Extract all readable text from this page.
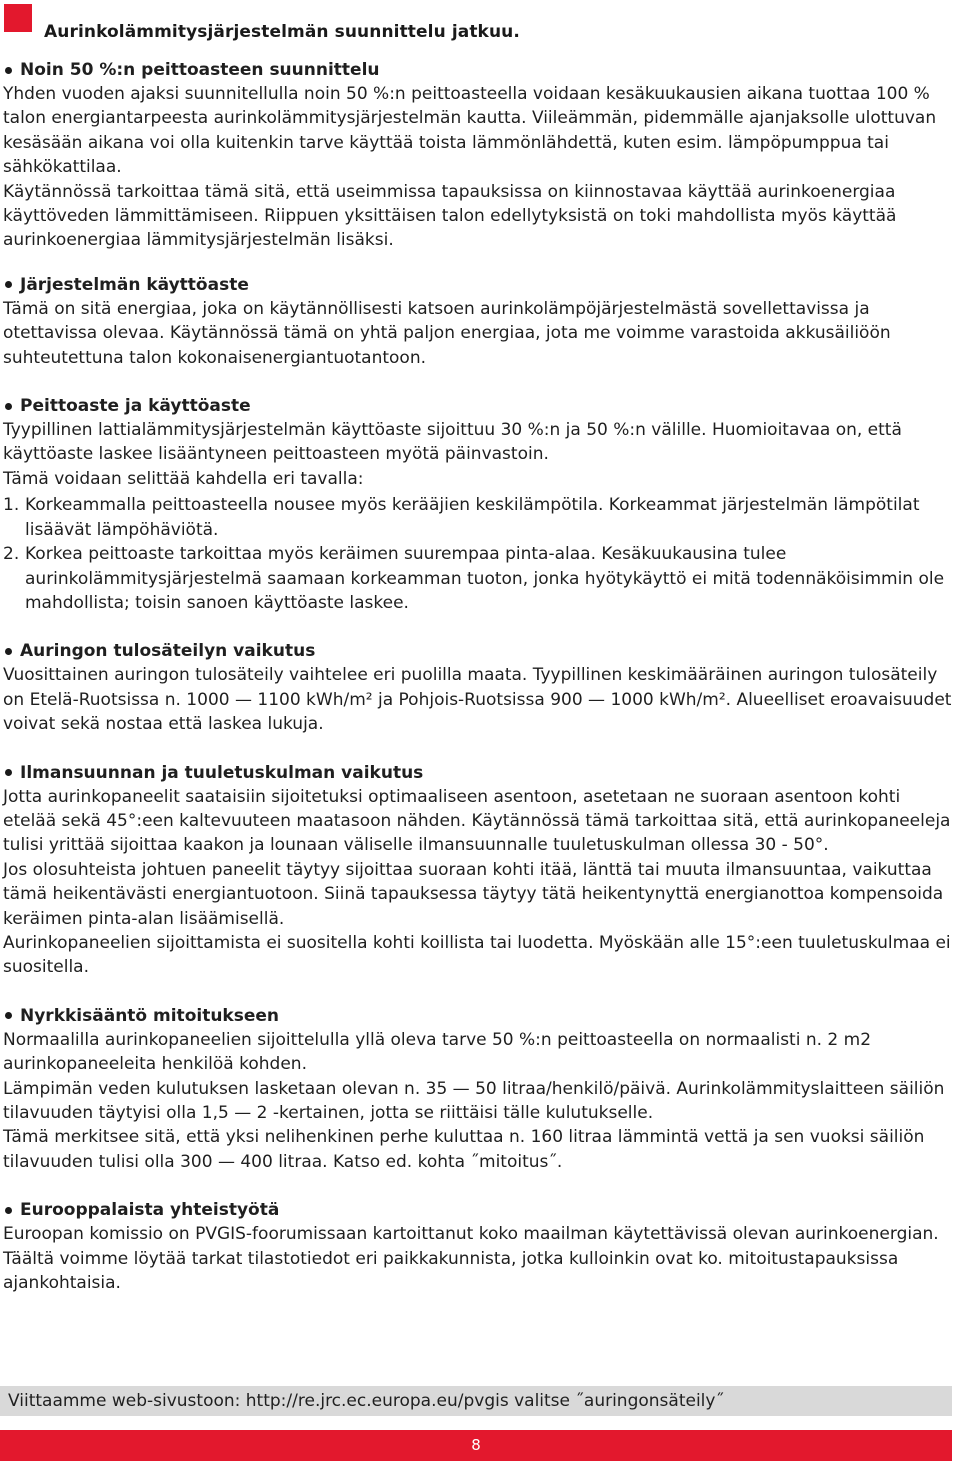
Aurinkolämmitysjärjestelmän suunnittelu jatkuu.
Noin 50 %:n peittoasteen suunnittelu

Yhden vuoden ajaksi suunnitellulla noin 50 %:n peittoasteella voidaan kesäkuukausien aikana tuottaa 100 % talon energiantarpeesta aurinkolämmitysjärjestelmän kautta. Viileämmän, pidemmälle ajanjaksolle ulottuvan kesäsään aikana voi olla kuitenkin tarve käyttää toista lämmönlähdettä, kuten esim. lämpöpumppua tai sähkökattilaa.

Käytännössä tarkoittaa tämä sitä, että useimmissa tapauksissa on kiinnostavaa käyttää aurinkoenergiaa käyttöveden lämmittämiseen. Riippuen yksittäisen talon edellytyksistä on toki mahdollista myös käyttää aurinkoenergiaa lämmitysjärjestelmän lisäksi.

Järjestelmän käyttöaste

Tämä on sitä energiaa, joka on käytännöllisesti katsoen aurinkolämpöjärjestelmästä sovellettavissa ja otettavissa olevaa. Käytännössä tämä on yhtä paljon energiaa, jota me voimme varastoida akkusäiliöön suhteutettuna talon kokonaisenergiantuotantoon.

Peittoaste ja käyttöaste

Tyypillinen lattialämmitysjärjestelmän käyttöaste sijoittuu 30 %:n ja 50 %:n välille. Huomioitavaa on, että käyttöaste laskee lisääntyneen peittoasteen myötä päinvastoin.

Tämä voidaan selittää kahdella eri tavalla:

1. Korkeammalla peittoasteella nousee myös kerääjien keskilämpötila. Korkeammat järjestelmän lämpötilat lisäävät lämpöhäviötä.
2. Korkea peittoaste tarkoittaa myös keräimen suurempaa pinta-alaa. Kesäkuukausina tulee aurinkolämmitysjärjestelmä saamaan korkeamman tuoton, jonka hyötykäyttö ei mitä todennäköisimmin ole mahdollista; toisin sanoen käyttöaste laskee.
Auringon tulosäteilyn vaikutus

Vuosittainen auringon tulosäteily vaihtelee eri puolilla maata. Tyypillinen keskimääräinen auringon tulosäteily on Etelä-Ruotsissa n. 1000 — 1100 kWh/m² ja Pohjois-Ruotsissa 900 — 1000 kWh/m². Alueelliset eroavaisuudet voivat sekä nostaa että laskea lukuja.

Ilmansuunnan ja tuuletuskulman vaikutus

Jotta aurinkopaneelit saataisiin sijoitetuksi optimaaliseen asentoon, asetetaan ne suoraan asentoon kohti etelää sekä 45°:een kaltevuuteen maatasoon nähden. Käytännössä tämä tarkoittaa sitä, että aurinkopaneeleja tulisi yrittää sijoittaa kaakon ja lounaan väliselle ilmansuunnalle tuuletuskulman ollessa 30 - 50°.

Jos olosuhteista johtuen paneelit täytyy sijoittaa suoraan kohti itää, länttä tai muuta ilmansuuntaa, vaikuttaa tämä heikentävästi energiantuotoon. Siinä tapauksessa täytyy tätä heikentynyttä energianottoa kompensoida keräimen pinta-alan lisäämisellä.

Aurinkopaneelien sijoittamista ei suositella kohti koillista tai luodetta. Myöskään alle 15°:een tuuletuskulmaa ei suositella.

Nyrkkisääntö mitoitukseen

Normaalilla aurinkopaneelien sijoittelulla yllä oleva tarve 50 %:n peittoasteella on normaalisti n. 2 m2 aurinkopaneeleita henkilöä kohden.

Lämpimän veden kulutuksen lasketaan olevan n. 35 — 50 litraa/henkilö/päivä. Aurinkolämmityslaitteen säiliön tilavuuden täytyisi olla 1,5 — 2 -kertainen, jotta se riittäisi tälle kulutukselle.

Tämä merkitsee sitä, että yksi nelihenkinen perhe kuluttaa n. 160 litraa lämmintä vettä ja sen vuoksi säiliön tilavuuden tulisi olla 300 — 400 litraa. Katso ed. kohta ˝mitoitus˝.

Eurooppalaista yhteistyötä

Euroopan komissio on PVGIS-foorumissaan kartoittanut koko maailman käytettävissä olevan aurinkoenergian. Täältä voimme löytää tarkat tilastotiedot eri paikkakunnista, jotka kulloinkin ovat ko. mitoitustapauksissa ajankohtaisia.

Viittaamme web-sivustoon: http://re.jrc.ec.europa.eu/pvgis valitse ˝auringonsäteily˝
8
